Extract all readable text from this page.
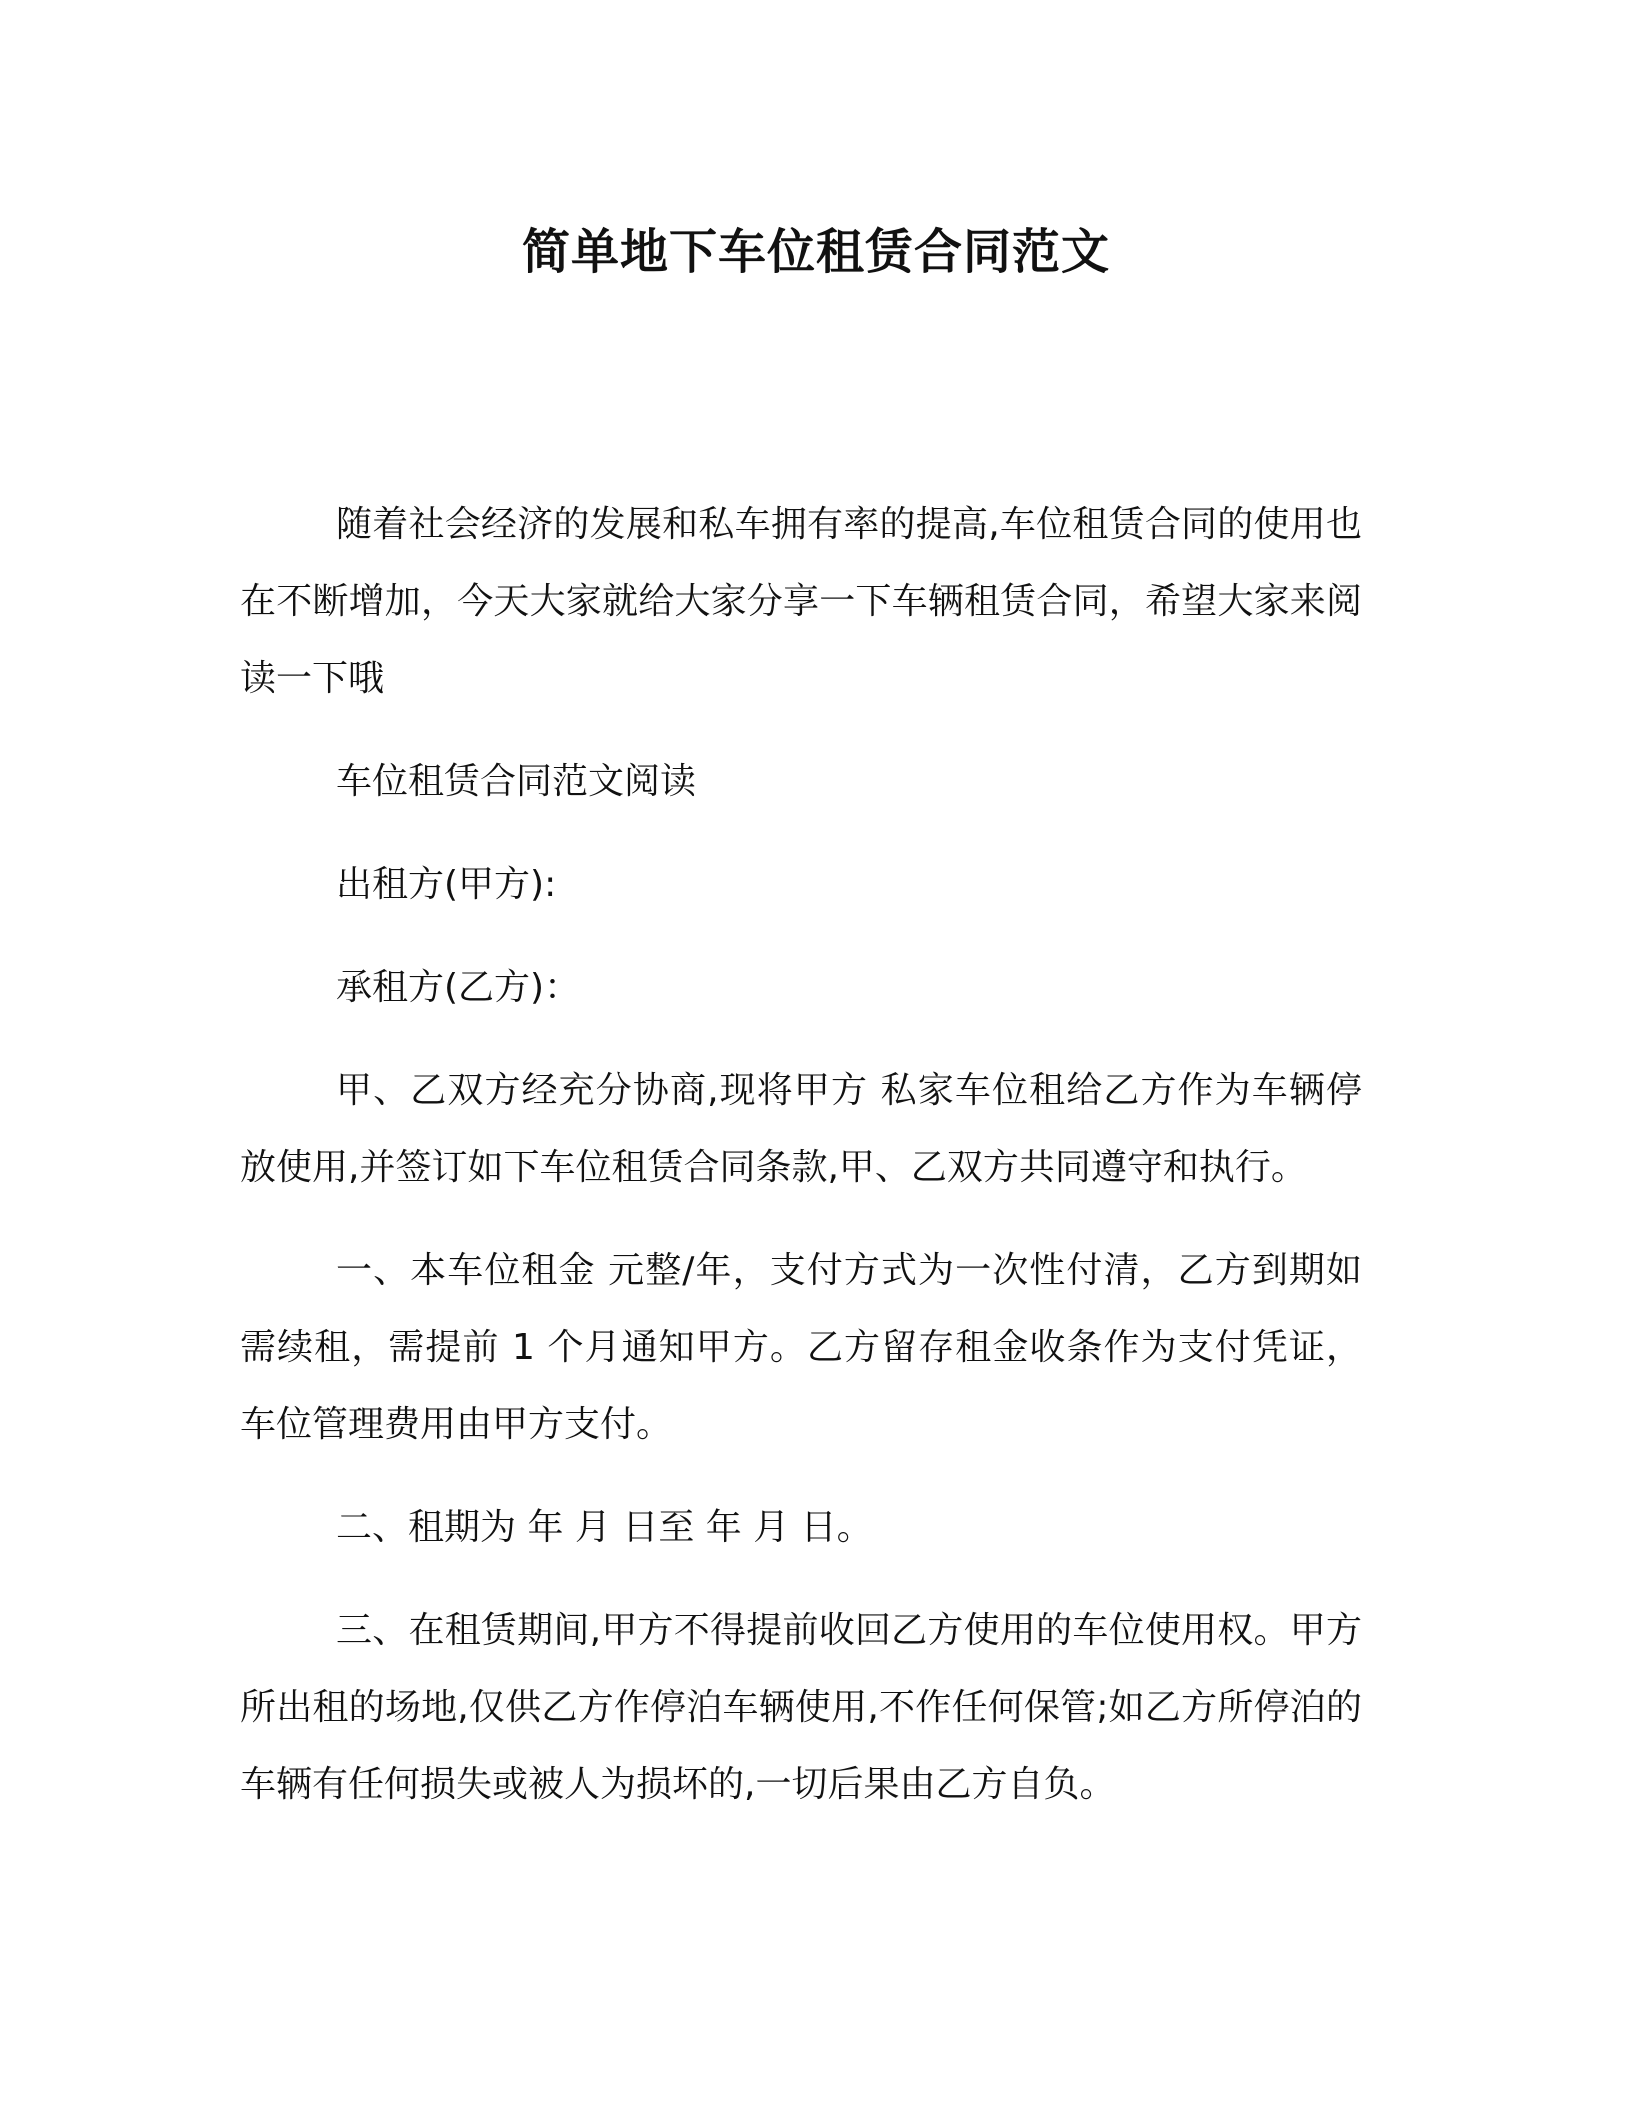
简单地下车位租赁合同范文

随着社会经济的发展和私车拥有率的提高,车位租赁合同的使用也在不断增加，今天大家就给大家分享一下车辆租赁合同，希望大家来阅读一下哦

车位租赁合同范文阅读

出租方(甲方):

承租方(乙方)：

甲、乙双方经充分协商,现将甲方 私家车位租给乙方作为车辆停放使用,并签订如下车位租赁合同条款,甲、乙双方共同遵守和执行。

一、本车位租金 元整/年，支付方式为一次性付清，乙方到期如需续租，需提前 1 个月通知甲方。乙方留存租金收条作为支付凭证，车位管理费用由甲方支付。

二、租期为 年 月 日至 年 月 日。

三、在租赁期间,甲方不得提前收回乙方使用的车位使用权。甲方所出租的场地,仅供乙方作停泊车辆使用,不作任何保管;如乙方所停泊的车辆有任何损失或被人为损坏的,一切后果由乙方自负。
